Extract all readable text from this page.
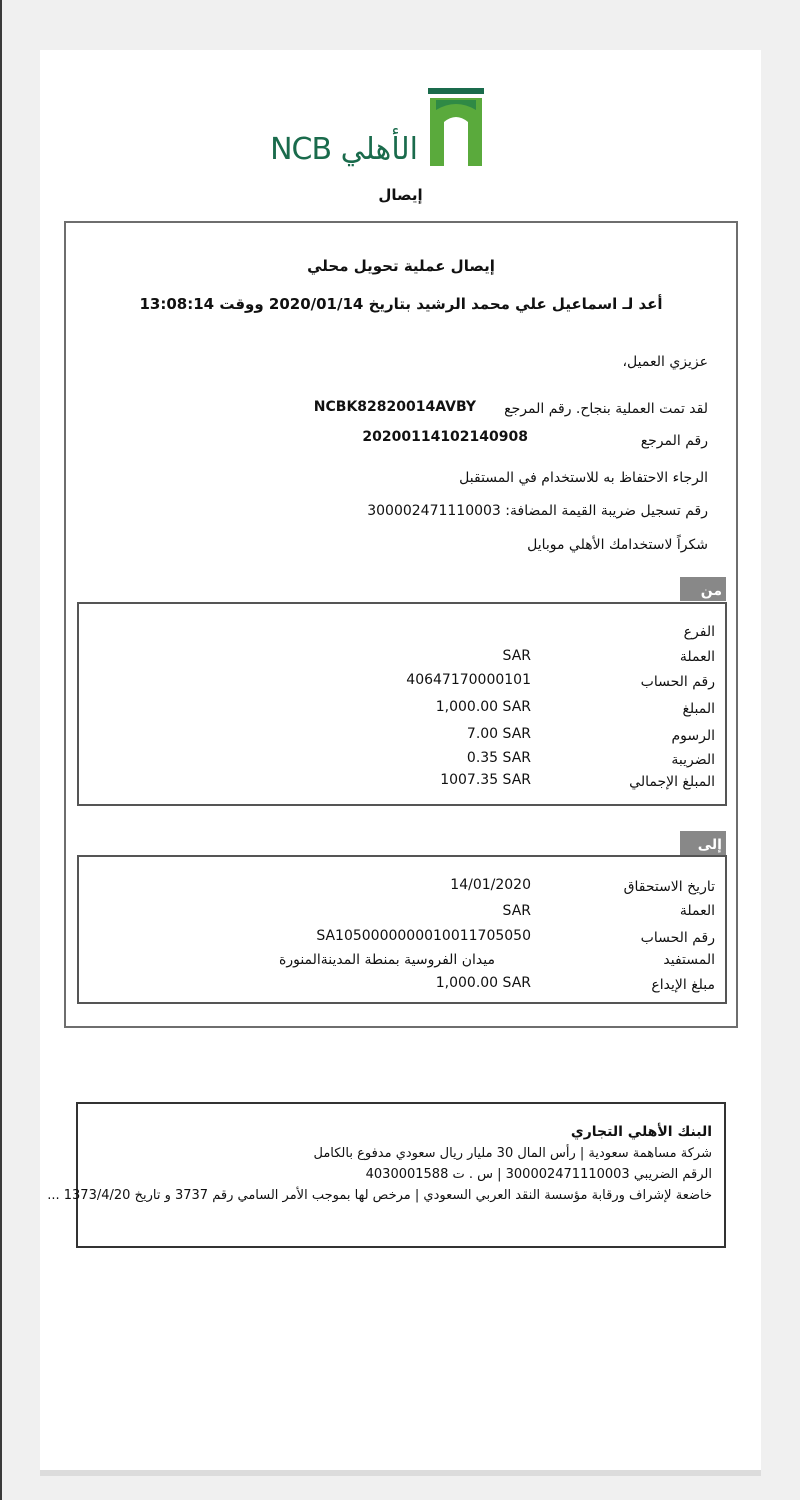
الأهلي NCB
إيصال
إيصال عملية تحويل محلي
أعد لـ اسماعيل علي محمد الرشيد بتاريخ 2020/01/14 ووقت 13:08:14
عزيزي العميل،
لقد تمت العملية بنجاح. رقم المرجع
NCBK82820014AVBY
رقم المرجع
20200114102140908
الرجاء الاحتفاظ به للاستخدام في المستقبل
رقم تسجيل ضريبة القيمة المضافة: 300002471110003
شكراً لاستخدامك الأهلي موبايل
من
الفرع
العملة
SAR
رقم الحساب
40647170000101
المبلغ
1,000.00 SAR
الرسوم
7.00 SAR
الضريبة
0.35 SAR
المبلغ الإجمالي
1007.35 SAR
إلى
تاريخ الاستحقاق
14/01/2020
العملة
SAR
رقم الحساب
SA1050000000010011705050
المستفيد
ميدان الفروسية بمنطة المدينةالمنورة
مبلغ الإيداع
1,000.00 SAR
البنك الأهلي التجاري
شركة مساهمة سعودية | رأس المال 30 مليار ريال سعودي مدفوع بالكامل
الرقم الضريبي 300002471110003 | س . ت 4030001588
خاضعة لإشراف ورقابة مؤسسة النقد العربي السعودي | مرخص لها بموجب الأمر السامي رقم 3737 و تاريخ 1373/4/20 ...
